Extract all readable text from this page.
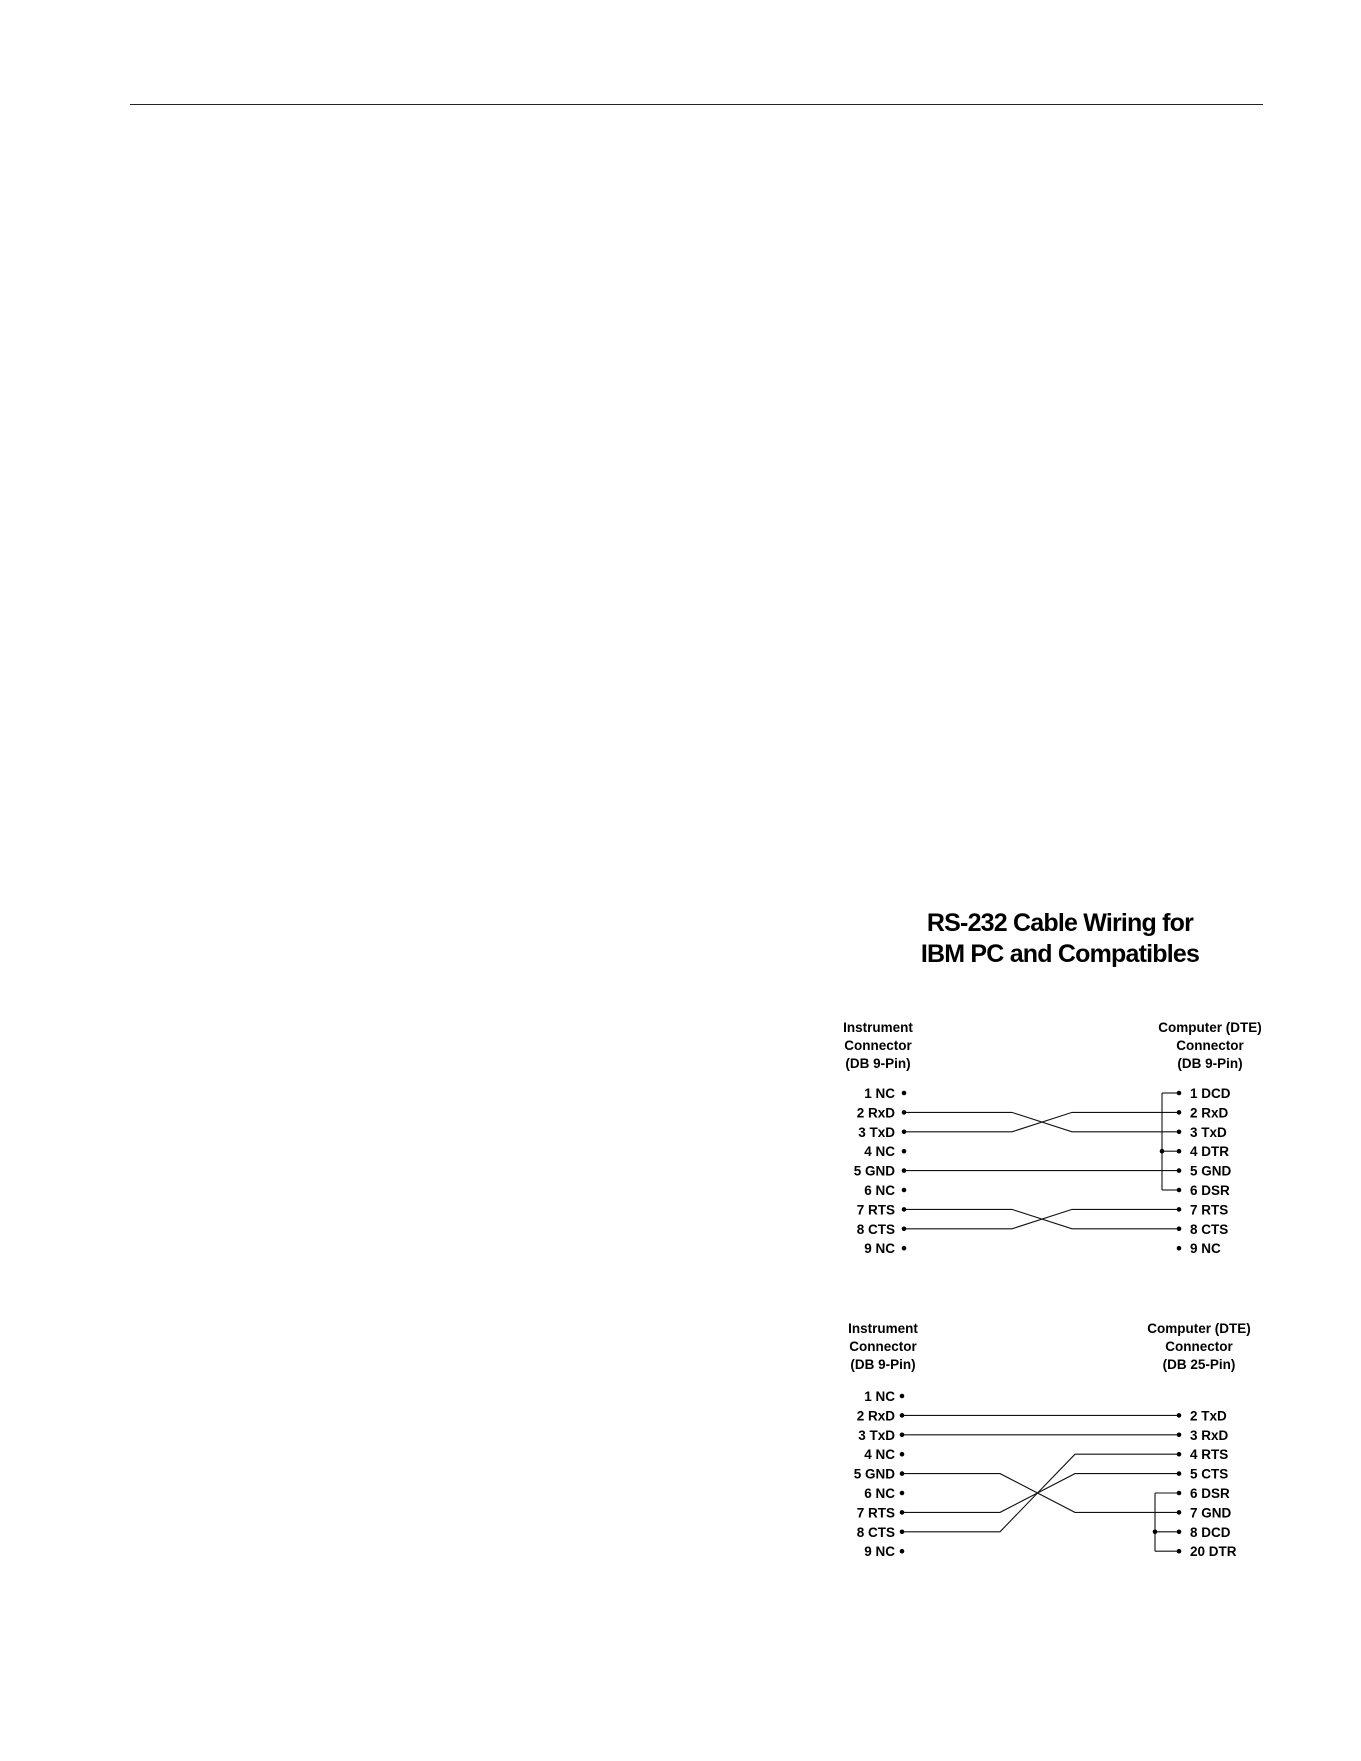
RS-232 Cable Wiring for
IBM PC and Compatibles
Instrument
Connector
(DB 9-Pin)
Computer (DTE)
Connector
(DB 9-Pin)
1 NC
2 RxD
3 TxD
4 NC
5 GND
6 NC
7 RTS
8 CTS
9 NC
1 DCD
2 RxD
3 TxD
4 DTR
5 GND
6 DSR
7 RTS
8 CTS
9 NC
Instrument
Connector
(DB 9-Pin)
Computer (DTE)
Connector
(DB 25-Pin)
1 NC
2 RxD
3 TxD
4 NC
5 GND
6 NC
7 RTS
8 CTS
9 NC
2 TxD
3 RxD
4 RTS
5 CTS
6 DSR
7 GND
8 DCD
20 DTR
